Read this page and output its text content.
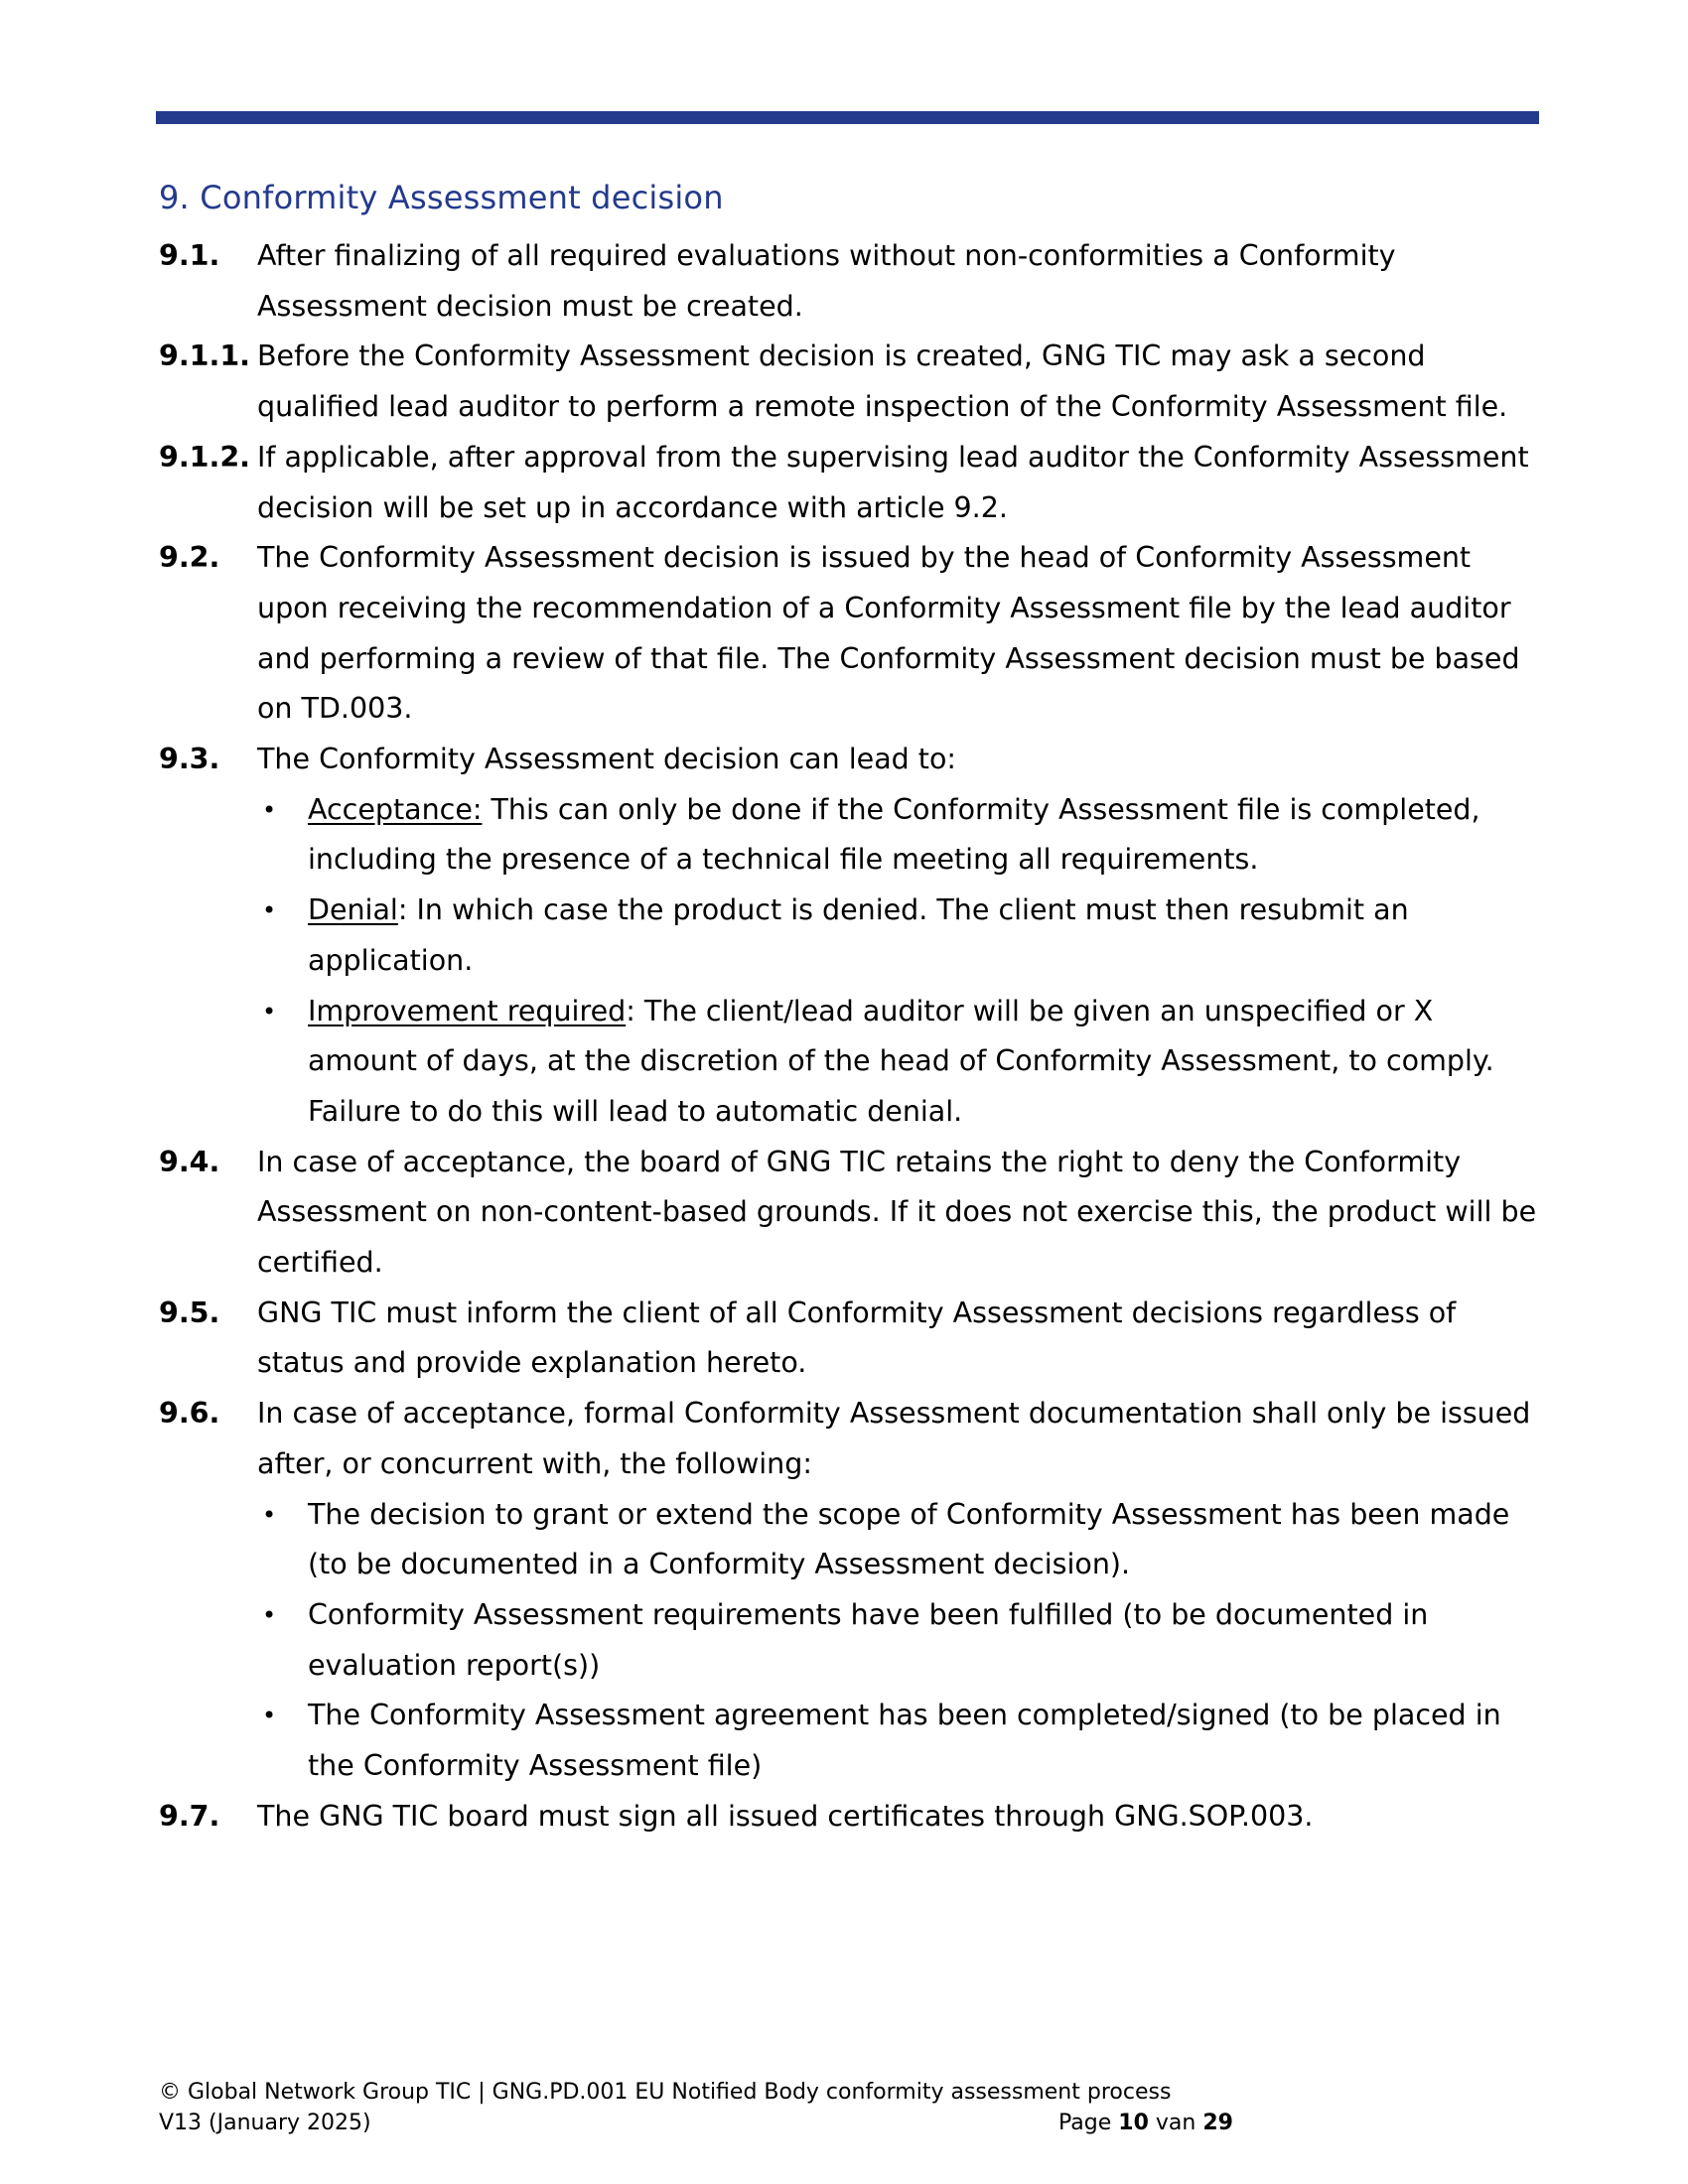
9. Conformity Assessment decision
9.1.	After finalizing of all required evaluations without non-conformities a Conformity Assessment decision must be created.
9.1.1. Before the Conformity Assessment decision is created, GNG TIC may ask a second qualified lead auditor to perform a remote inspection of the Conformity Assessment file.
9.1.2. If applicable, after approval from the supervising lead auditor the Conformity Assessment decision will be set up in accordance with article 9.2.
9.2.	The Conformity Assessment decision is issued by the head of Conformity Assessment upon receiving the recommendation of a Conformity Assessment file by the lead auditor and performing a review of that file. The Conformity Assessment decision must be based on TD.003.
9.3.	The Conformity Assessment decision can lead to:
•	Acceptance: This can only be done if the Conformity Assessment file is completed, including the presence of a technical file meeting all requirements.
•	Denial: In which case the product is denied. The client must then resubmit an application.
•	Improvement required: The client/lead auditor will be given an unspecified or X amount of days, at the discretion of the head of Conformity Assessment, to comply. Failure to do this will lead to automatic denial.
9.4.	In case of acceptance, the board of GNG TIC retains the right to deny the Conformity Assessment on non-content-based grounds. If it does not exercise this, the product will be certified.
9.5.	GNG TIC must inform the client of all Conformity Assessment decisions regardless of status and provide explanation hereto.
9.6.	In case of acceptance, formal Conformity Assessment documentation shall only be issued after, or concurrent with, the following:
•	The decision to grant or extend the scope of Conformity Assessment has been made (to be documented in a Conformity Assessment decision).
•	Conformity Assessment requirements have been fulfilled (to be documented in evaluation report(s))
•	The Conformity Assessment agreement has been completed/signed (to be placed in the Conformity Assessment file)
9.7.	The GNG TIC board must sign all issued certificates through GNG.SOP.003.
© Global Network Group TIC | GNG.PD.001 EU Notified Body conformity assessment process
V13 (January 2025)	Page 10 van 29
